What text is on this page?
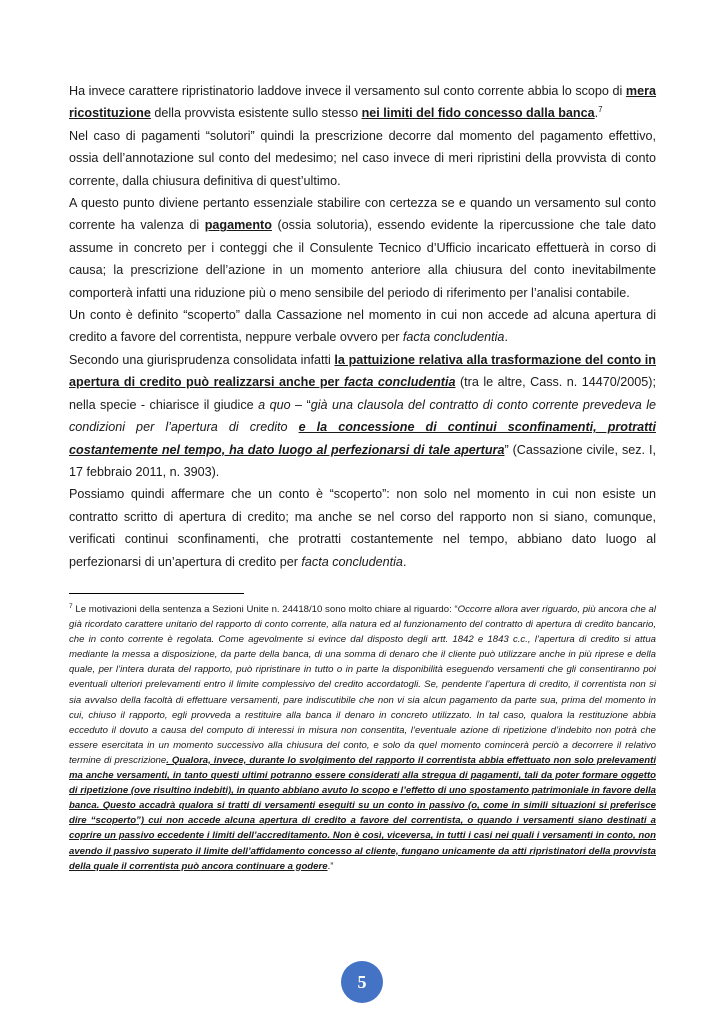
Ha invece carattere ripristinatorio laddove invece il versamento sul conto corrente abbia lo scopo di mera ricostituzione della provvista esistente sullo stesso nei limiti del fido concesso dalla banca.$^7$

Nel caso di pagamenti “solutori” quindi la prescrizione decorre dal momento del pagamento effettivo, ossia dell’annotazione sul conto del medesimo; nel caso invece di meri ripristini della provvista di conto corrente, dalla chiusura definitiva di quest’ultimo.

A questo punto diviene pertanto essenziale stabilire con certezza se e quando un versamento sul conto corrente ha valenza di pagamento (ossia solutoria), essendo evidente la ripercussione che tale dato assume in concreto per i conteggi che il Consulente Tecnico d’Ufficio incaricato effettuerà in corso di causa; la prescrizione dell’azione in un momento anteriore alla chiusura del conto inevitabilmente comporterà infatti una riduzione più o meno sensibile del periodo di riferimento per l’analisi contabile.

Un conto è definito “scoperto” dalla Cassazione nel momento in cui non accede ad alcuna apertura di credito a favore del correntista, neppure verbale ovvero per facta concludentia.

Secondo una giurisprudenza consolidata infatti la pattuizione relativa alla trasformazione del conto in apertura di credito può realizzarsi anche per facta concludentia (tra le altre, Cass. n. 14470/2005); nella specie - chiarisce il giudice a quo – “già una clausola del contratto di conto corrente prevedeva le condizioni per l’apertura di credito e la concessione di continui sconfinamenti, protratti costantemente nel tempo, ha dato luogo al perfezionarsi di tale apertura” (Cassazione civile, sez. I, 17 febbraio 2011, n. 3903).

Possiamo quindi affermare che un conto è “scoperto”: non solo nel momento in cui non esiste un contratto scritto di apertura di credito; ma anche se nel corso del rapporto non si siano, comunque, verificati continui sconfinamenti, che protratti costantemente nel tempo, abbiano dato luogo al perfezionarsi di un’apertura di credito per facta concludentia.

$^7$ Le motivazioni della sentenza a Sezioni Unite n. 24418/10 sono molto chiare al riguardo: “Occorre allora aver riguardo, più ancora che al già ricordato carattere unitario del rapporto di conto corrente, alla natura ed al funzionamento del contratto di apertura di credito bancario, che in conto corrente è regolata. Come agevolmente si evince dal disposto degli artt. 1842 e 1843 c.c., l’apertura di credito si attua mediante la messa a disposizione, da parte della banca, di una somma di denaro che il cliente può utilizzare anche in più riprese e della quale, per l’intera durata del rapporto, può ripristinare in tutto o in parte la disponibilità eseguendo versamenti che gli consentiranno poi eventuali ulteriori prelevamenti entro il limite complessivo del credito accordatogli. Se, pendente l’apertura di credito, il correntista non si sia avvalso della facoltà di effettuare versamenti, pare indiscutibile che non vi sia alcun pagamento da parte sua, prima del momento in cui, chiuso il rapporto, egli provveda a restituire alla banca il denaro in concreto utilizzato. In tal caso, qualora la restituzione abbia ecceduto il dovuto a causa del computo di interessi in misura non consentita, l’eventuale azione di ripetizione d’indebito non potrà che essere esercitata in un momento successivo alla chiusura del conto, e solo da quel momento comincerà perciò a decorrere il relativo termine di prescrizione. Qualora, invece, durante lo svolgimento del rapporto il correntista abbia effettuato non solo prelevamenti ma anche versamenti, in tanto questi ultimi potranno essere considerati alla stregua di pagamenti, tali da poter formare oggetto di ripetizione (ove risultino indebiti), in quanto abbiano avuto lo scopo e l’effetto di uno spostamento patrimoniale in favore della banca. Questo accadrà qualora si tratti di versamenti eseguiti su un conto in passivo (o, come in simili situazioni si preferisce dire “scoperto”) cui non accede alcuna apertura di credito a favore del correntista, o quando i versamenti siano destinati a coprire un passivo eccedente i limiti dell’accreditamento. Non è così, viceversa, in tutti i casi nei quali i versamenti in conto, non avendo il passivo superato il limite dell’affidamento concesso al cliente, fungano unicamente da atti ripristinatori della provvista della quale il correntista può ancora continuare a godere.”

5
